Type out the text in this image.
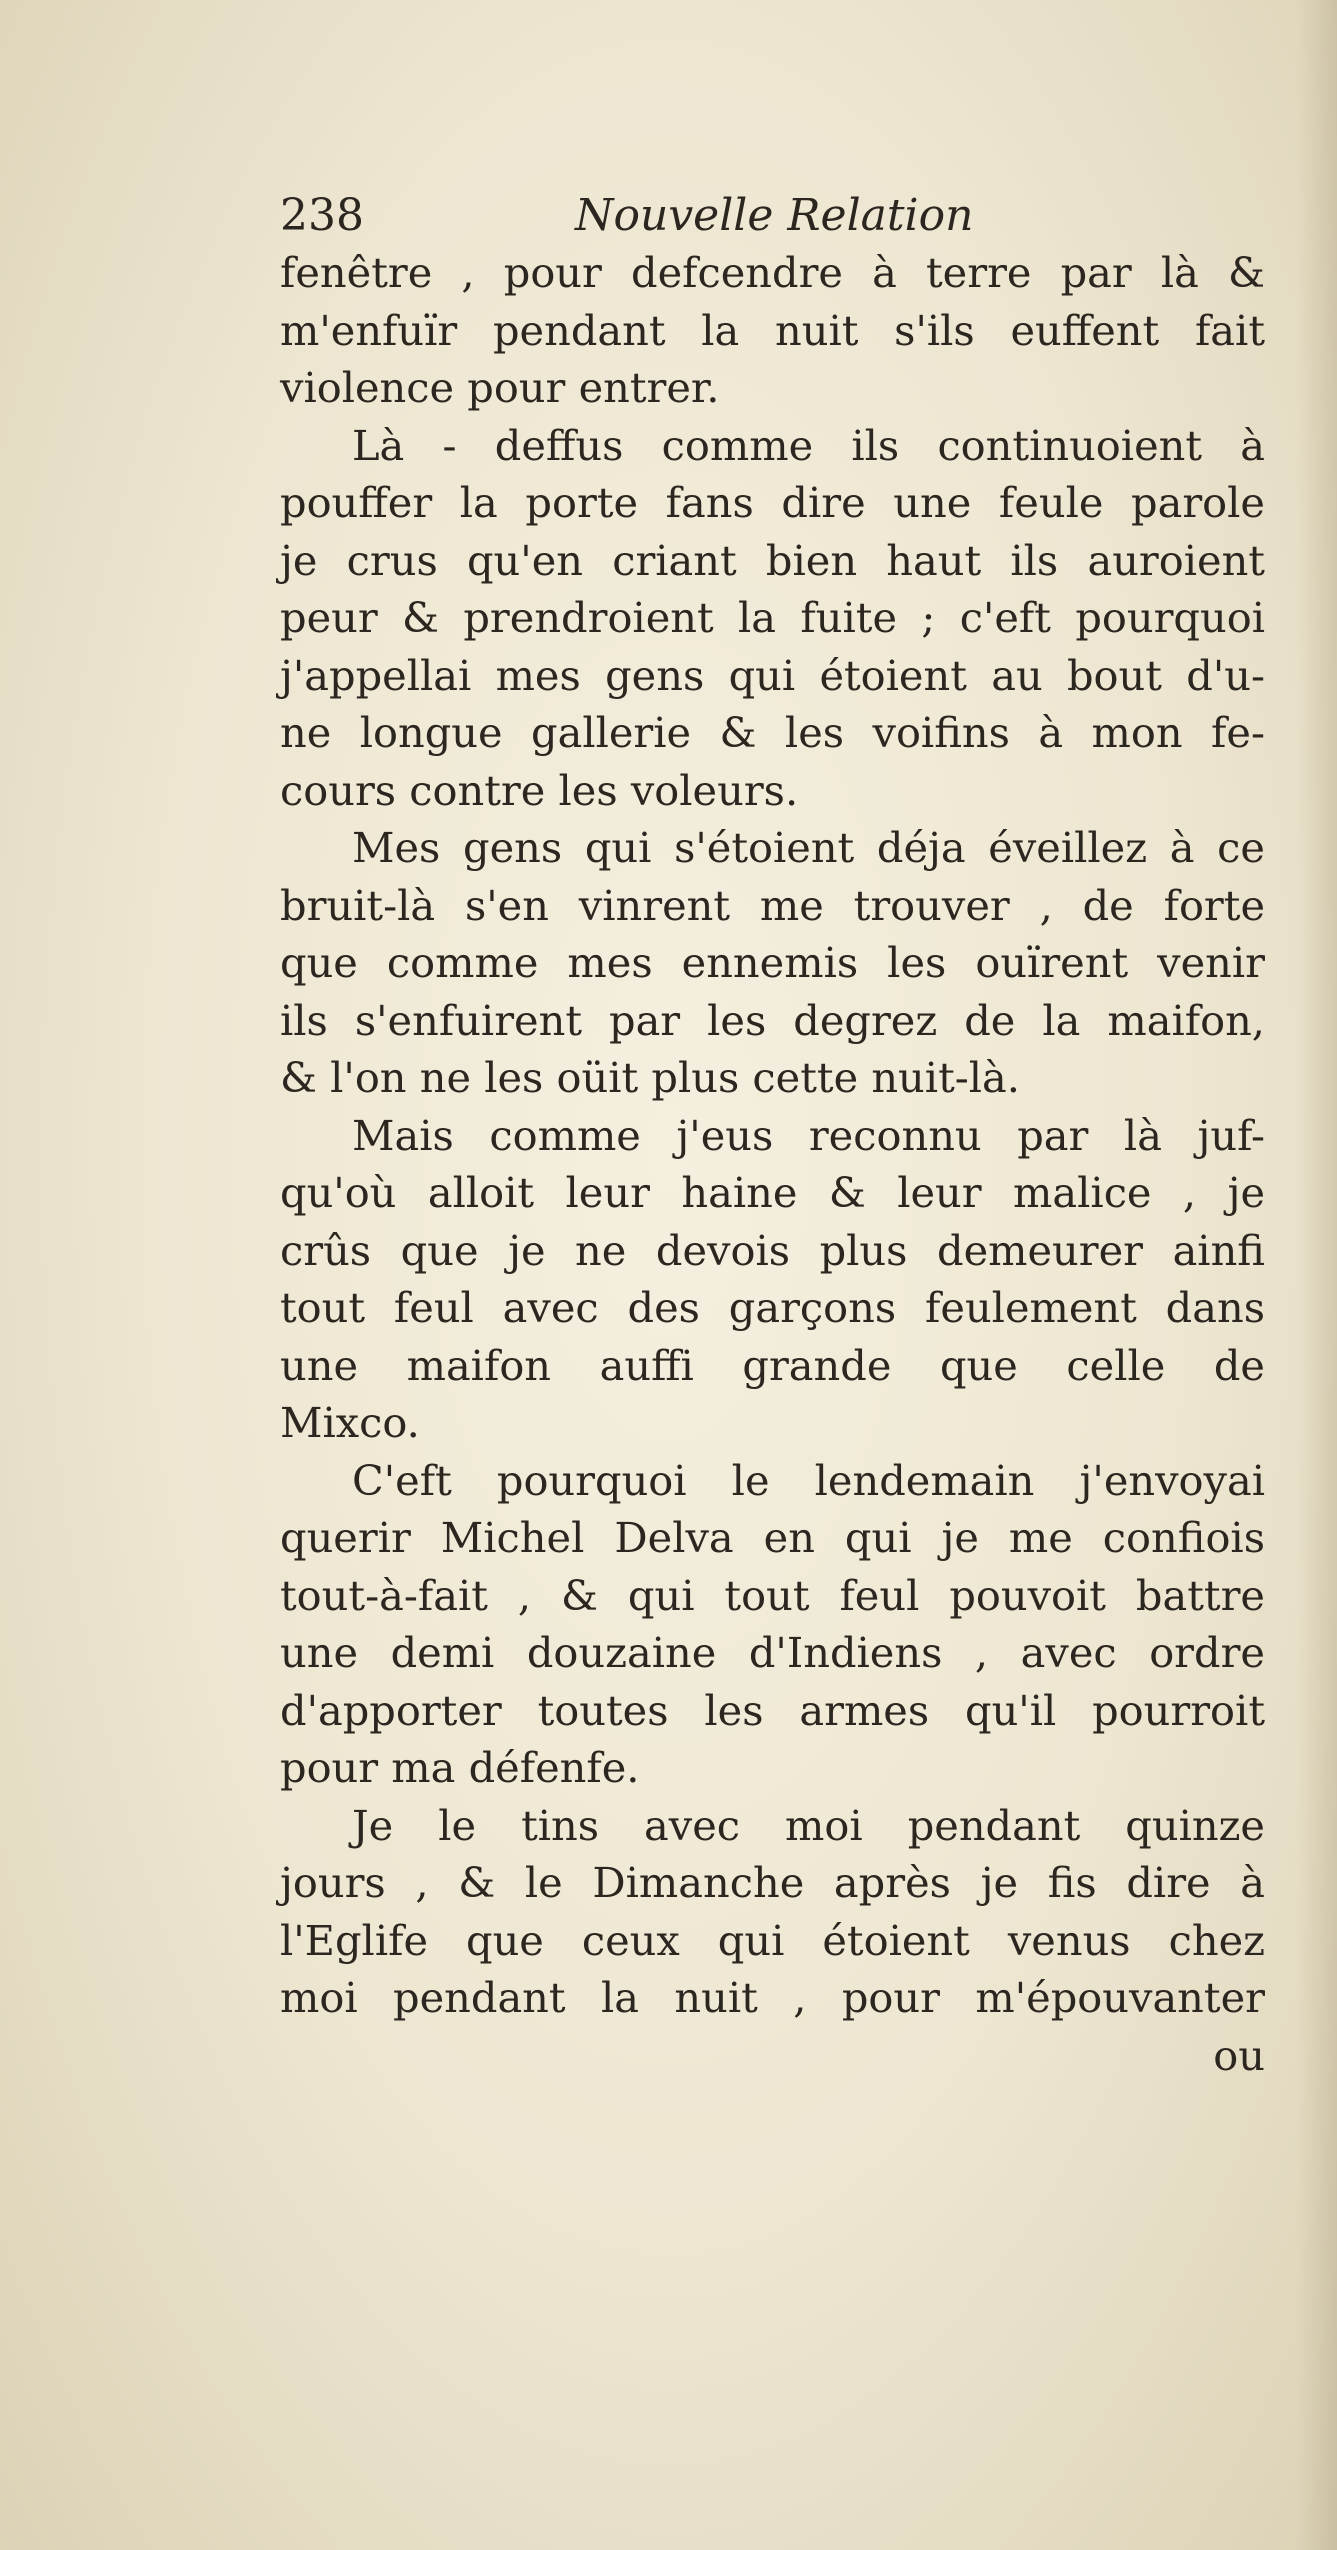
238	Nouvelle Relation
fenêtre , pour defcendre à terre par là &
m'enfuïr pendant la nuit s'ils euffent fait
violence pour entrer.
Là - deffus comme ils continuoient à
pouffer la porte fans dire une feule parole
je crus qu'en criant bien haut ils auroient
peur & prendroient la fuite ; c'eft pourquoi
j'appellai mes gens qui étoient au bout d'u-
ne longue gallerie & les voifins à mon fe-
cours contre les voleurs.
Mes gens qui s'étoient déja éveillez à ce
bruit-là s'en vinrent me trouver , de forte
que comme mes ennemis les ouïrent venir
ils s'enfuirent par les degrez de la maifon,
& l'on ne les oüit plus cette nuit-là.
Mais comme j'eus reconnu par là juf-
qu'où alloit leur haine & leur malice , je
crûs que je ne devois plus demeurer ainfi
tout feul avec des garçons feulement dans
une maifon auffi grande que celle de
Mixco.
C'eft pourquoi le lendemain j'envoyai
querir Michel Delva en qui je me confiois
tout-à-fait , & qui tout feul pouvoit battre
une demi douzaine d'Indiens , avec ordre
d'apporter toutes les armes qu'il pourroit
pour ma défenfe.
Je le tins avec moi pendant quinze
jours , & le Dimanche après je fis dire à
l'Eglife que ceux qui étoient venus chez
moi pendant la nuit , pour m'épouvanter
ou
